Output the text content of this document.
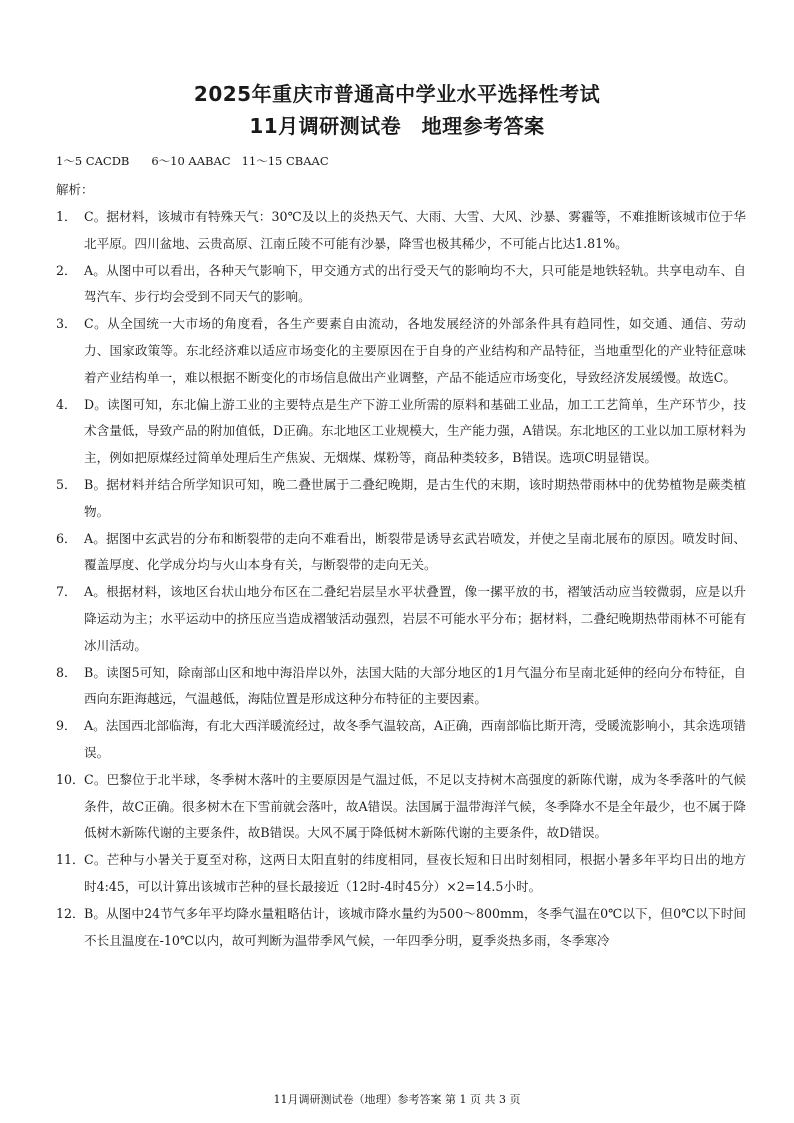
2025年重庆市普通高中学业水平选择性考试
11月调研测试卷　地理参考答案
1～5 CACDB 6～10 AABAC 11～15 CBAAC
解析：
1． C。据材料，该城市有特殊天气：30℃及以上的炎热天气、大雨、大雪、大风、沙暴、雾霾等，不难推断该城市位于华北平原。四川盆地、云贵高原、江南丘陵不可能有沙暴，降雪也极其稀少，不可能占比达1.81%。
2． A。从图中可以看出，各种天气影响下，甲交通方式的出行受天气的影响均不大，只可能是地铁轻轨。共享电动车、自驾汽车、步行均会受到不同天气的影响。
3． C。从全国统一大市场的角度看，各生产要素自由流动，各地发展经济的外部条件具有趋同性，如交通、通信、劳动力、国家政策等。东北经济难以适应市场变化的主要原因在于自身的产业结构和产品特征，当地重型化的产业特征意味着产业结构单一，难以根据不断变化的市场信息做出产业调整，产品不能适应市场变化，导致经济发展缓慢。故选C。
4． D。读图可知，东北偏上游工业的主要特点是生产下游工业所需的原料和基础工业品，加工工艺简单，生产环节少，技术含量低，导致产品的附加值低，D正确。东北地区工业规模大，生产能力强，A错误。东北地区的工业以加工原材料为主，例如把原煤经过简单处理后生产焦炭、无烟煤、煤粉等，商品种类较多，B错误。选项C明显错误。
5． B。据材料并结合所学知识可知，晚二叠世属于二叠纪晚期，是古生代的末期，该时期热带雨林中的优势植物是蕨类植物。
6． A。据图中玄武岩的分布和断裂带的走向不难看出，断裂带是诱导玄武岩喷发，并使之呈南北展布的原因。喷发时间、覆盖厚度、化学成分均与火山本身有关，与断裂带的走向无关。
7． A。根据材料，该地区台状山地分布区在二叠纪岩层呈水平状叠置，像一摞平放的书，褶皱活动应当较微弱，应是以升降运动为主；水平运动中的挤压应当造成褶皱活动强烈，岩层不可能水平分布；据材料，二叠纪晚期热带雨林不可能有冰川活动。
8． B。读图5可知，除南部山区和地中海沿岸以外，法国大陆的大部分地区的1月气温分布呈南北延伸的经向分布特征，自西向东距海越远，气温越低，海陆位置是形成这种分布特征的主要因素。
9． A。法国西北部临海，有北大西洋暖流经过，故冬季气温较高，A正确，西南部临比斯开湾，受暖流影响小，其余选项错误。
10． C。巴黎位于北半球，冬季树木落叶的主要原因是气温过低，不足以支持树木高强度的新陈代谢，成为冬季落叶的气候条件，故C正确。很多树木在下雪前就会落叶，故A错误。法国属于温带海洋气候，冬季降水不是全年最少，也不属于降低树木新陈代谢的主要条件，故B错误。大风不属于降低树木新陈代谢的主要条件，故D错误。
11． C。芒种与小暑关于夏至对称，这两日太阳直射的纬度相同，昼夜长短和日出时刻相同，根据小暑多年平均日出的地方时4:45，可以计算出该城市芒种的昼长最接近（12时-4时45分）×2=14.5小时。
12． B。从图中24节气多年平均降水量粗略估计，该城市降水量约为500～800mm，冬季气温在0℃以下，但0℃以下时间不长且温度在-10℃以内，故可判断为温带季风气候，一年四季分明，夏季炎热多雨，冬季寒冷
11月调研测试卷（地理）参考答案 第 1 页 共 3 页
